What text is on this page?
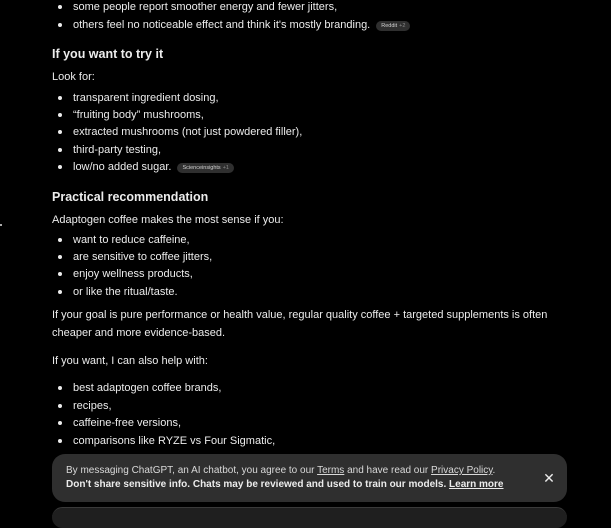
some people report smoother energy and fewer jitters,
others feel no noticeable effect and think it's mostly branding. Reddit +2
If you want to try it
Look for:
transparent ingredient dosing,
“fruiting body” mushrooms,
extracted mushrooms (not just powdered filler),
third-party testing,
low/no added sugar. Scienceinsights +1
Practical recommendation
Adaptogen coffee makes the most sense if you:
want to reduce caffeine,
are sensitive to coffee jitters,
enjoy wellness products,
or like the ritual/taste.
If your goal is pure performance or health value, regular quality coffee + targeted supplements is often cheaper and more evidence-based.
If you want, I can also help with:
best adaptogen coffee brands,
recipes,
caffeine-free versions,
comparisons like RYZE vs Four Sigmatic,
By messaging ChatGPT, an AI chatbot, you agree to our Terms and have read our Privacy Policy.
Don't share sensitive info. Chats may be reviewed and used to train our models. Learn more	✕
